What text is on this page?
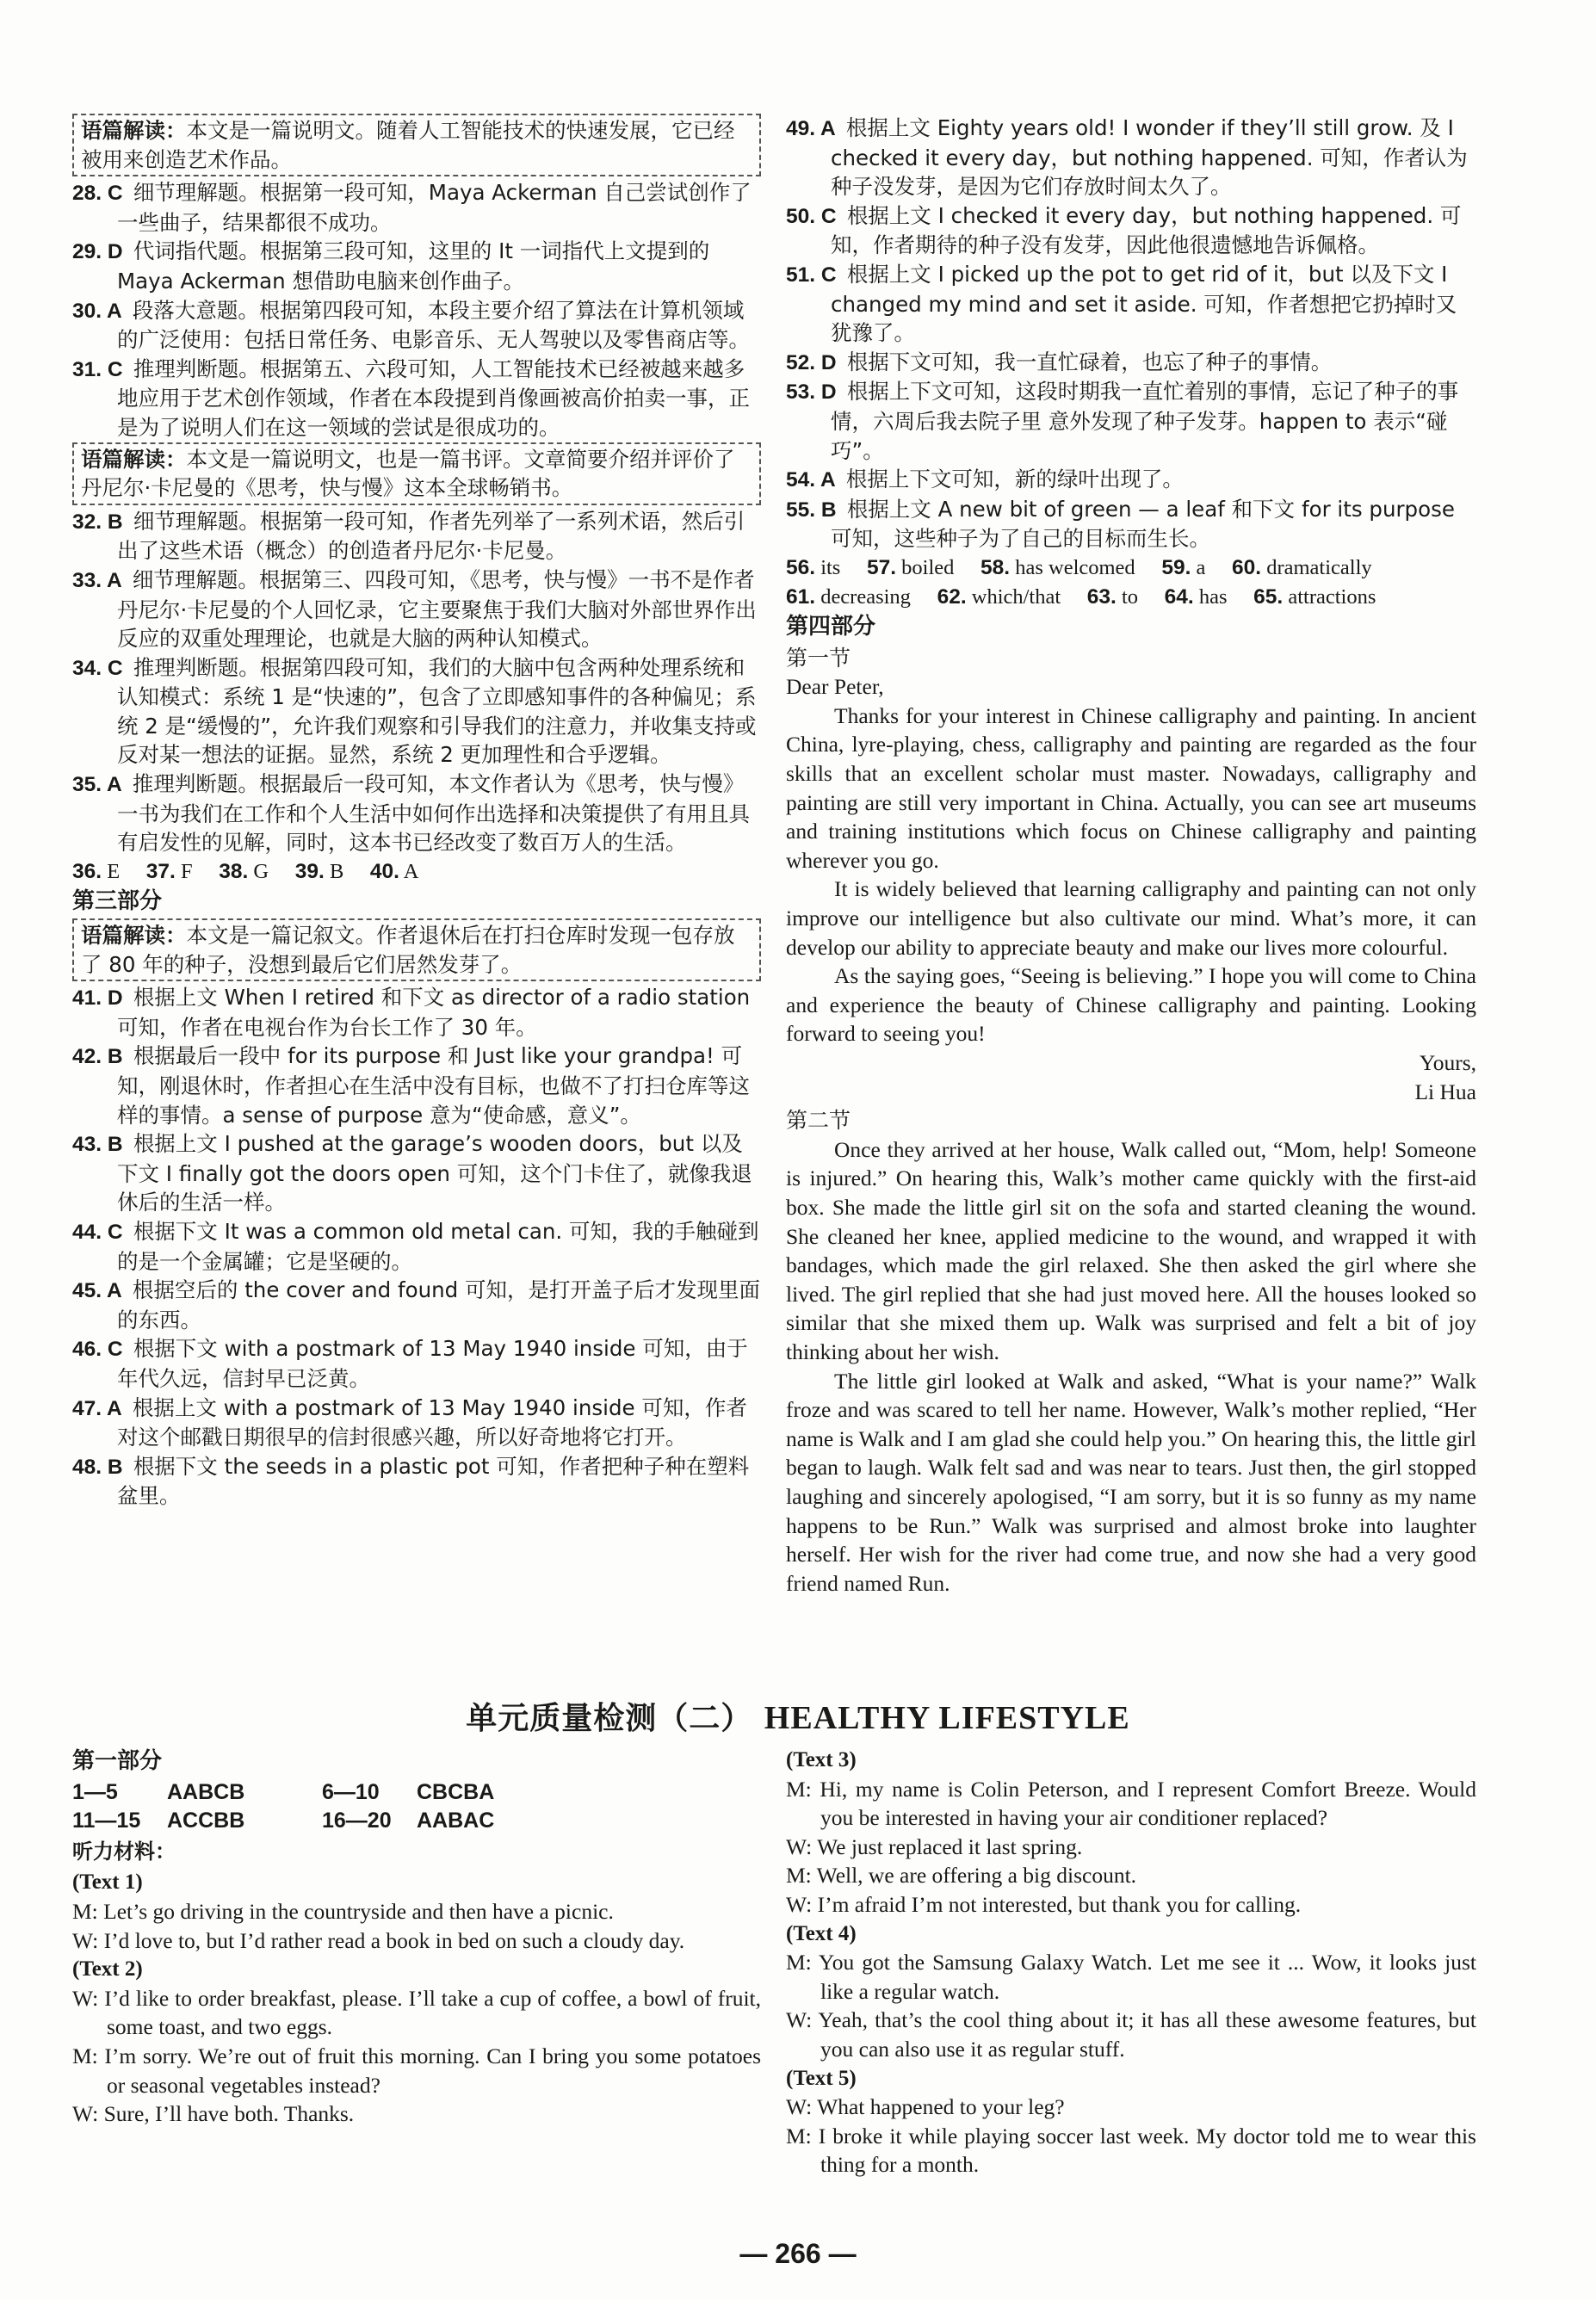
语篇解读：本文是一篇说明文。随着人工智能技术的快速发展，它已经被用来创造艺术作品。

28. C  细节理解题。根据第一段可知，Maya Ackerman 自己尝试创作了一些曲子，结果都很不成功。

29. D  代词指代题。根据第三段可知，这里的 It 一词指代上文提到的 Maya Ackerman 想借助电脑来创作曲子。

30. A  段落大意题。根据第四段可知，本段主要介绍了算法在计算机领域的广泛使用：包括日常任务、电影音乐、无人驾驶以及零售商店等。

31. C  推理判断题。根据第五、六段可知，人工智能技术已经被越来越多地应用于艺术创作领域，作者在本段提到肖像画被高价拍卖一事，正是为了说明人们在这一领域的尝试是很成功的。

语篇解读：本文是一篇说明文，也是一篇书评。文章简要介绍并评价了丹尼尔·卡尼曼的《思考，快与慢》这本全球畅销书。

32. B  细节理解题。根据第一段可知，作者先列举了一系列术语，然后引出了这些术语（概念）的创造者丹尼尔·卡尼曼。

33. A  细节理解题。根据第三、四段可知，《思考，快与慢》一书不是作者丹尼尔·卡尼曼的个人回忆录，它主要聚焦于我们大脑对外部世界作出反应的双重处理理论，也就是大脑的两种认知模式。

34. C  推理判断题。根据第四段可知，我们的大脑中包含两种处理系统和认知模式：系统 1 是“快速的”，包含了立即感知事件的各种偏见；系统 2 是“缓慢的”，允许我们观察和引导我们的注意力，并收集支持或反对某一想法的证据。显然，系统 2 更加理性和合乎逻辑。

35. A  推理判断题。根据最后一段可知，本文作者认为《思考，快与慢》一书为我们在工作和个人生活中如何作出选择和决策提供了有用且具有启发性的见解，同时，这本书已经改变了数百万人的生活。

36. E  37. F  38. G  39. B  40. A 

第三部分

语篇解读：本文是一篇记叙文。作者退休后在打扫仓库时发现一包存放了 80 年的种子，没想到最后它们居然发芽了。

41. D  根据上文 When I retired 和下文 as director of a radio station 可知，作者在电视台作为台长工作了 30 年。

42. B  根据最后一段中 for its purpose 和 Just like your grandpa! 可知，刚退休时，作者担心在生活中没有目标，也做不了打扫仓库等这样的事情。a sense of purpose 意为“使命感，意义”。

43. B  根据上文 I pushed at the garage’s wooden doors，but 以及下文 I finally got the doors open 可知，这个门卡住了，就像我退休后的生活一样。

44. C  根据下文 It was a common old metal can. 可知，我的手触碰到的是一个金属罐；它是坚硬的。

45. A  根据空后的 the cover and found 可知，是打开盖子后才发现里面的东西。

46. C  根据下文 with a postmark of 13 May 1940 inside 可知，由于年代久远，信封早已泛黄。

47. A  根据上文 with a postmark of 13 May 1940 inside 可知，作者对这个邮戳日期很早的信封很感兴趣，所以好奇地将它打开。

48. B  根据下文 the seeds in a plastic pot 可知，作者把种子种在塑料盆里。

49. A  根据上文 Eighty years old! I wonder if they’ll still grow. 及 I checked it every day，but nothing happened. 可知，作者认为种子没发芽，是因为它们存放时间太久了。

50. C  根据上文 I checked it every day，but nothing happened. 可知，作者期待的种子没有发芽，因此他很遗憾地告诉佩格。

51. C  根据上文 I picked up the pot to get rid of it，but 以及下文 I changed my mind and set it aside. 可知，作者想把它扔掉时又犹豫了。

52. D  根据下文可知，我一直忙碌着，也忘了种子的事情。

53. D  根据上下文可知，这段时期我一直忙着别的事情，忘记了种子的事情，六周后我去院子里 意外发现了种子发芽。happen to 表示“碰巧”。

54. A  根据上下文可知，新的绿叶出现了。

55. B  根据上文 A new bit of green — a leaf 和下文 for its purpose 可知，这些种子为了自己的目标而生长。

56. its  57. boiled  58. has welcomed  59. a  60. dramatically 

61. decreasing  62. which/that  63. to  64. has  65. attractions 

第四部分

第一节

Dear Peter,

Thanks for your interest in Chinese calligraphy and painting. In ancient China, lyre-playing, chess, calligraphy and painting are regarded as the four skills that an excellent scholar must master. Nowadays, calligraphy and painting are still very important in China. Actually, you can see art museums and training institutions which focus on Chinese calligraphy and painting wherever you go.

It is widely believed that learning calligraphy and painting can not only improve our intelligence but also cultivate our mind. What’s more, it can develop our ability to appreciate beauty and make our lives more colourful.

As the saying goes, “Seeing is believing.” I hope you will come to China and experience the beauty of Chinese calligraphy and painting. Looking forward to seeing you!

Yours,

Li Hua

第二节

Once they arrived at her house, Walk called out, “Mom, help! Someone is injured.” On hearing this, Walk’s mother came quickly with the first-aid box. She made the little girl sit on the sofa and started cleaning the wound. She cleaned her knee, applied medicine to the wound, and wrapped it with bandages, which made the girl relaxed. She then asked the girl where she lived. The girl replied that she had just moved here. All the houses looked so similar that she mixed them up. Walk was surprised and felt a bit of joy thinking about her wish.

The little girl looked at Walk and asked, “What is your name?” Walk froze and was scared to tell her name. However, Walk’s mother replied, “Her name is Walk and I am glad she could help you.” On hearing this, the little girl began to laugh. Walk felt sad and was near to tears. Just then, the girl stopped laughing and sincerely apologised, “I am sorry, but it is so funny as my name happens to be Run.” Walk was surprised and almost broke into laughter herself. Her wish for the river had come true, and now she had a very good friend named Run.

单元质量检测（二） HEALTHY LIFESTYLE

第一部分

1—5 AABCB	6—10 CBCBA

11—15 ACCBB	16—20 AABAC

听力材料：

(Text 1)

M: Let’s go driving in the countryside and then have a picnic.

W: I’d love to, but I’d rather read a book in bed on such a cloudy day.

(Text 2)

W: I’d like to order breakfast, please. I’ll take a cup of coffee, a bowl of fruit, some toast, and two eggs.

M: I’m sorry. We’re out of fruit this morning. Can I bring you some potatoes or seasonal vegetables instead?

W: Sure, I’ll have both. Thanks.

(Text 3)

M: Hi, my name is Colin Peterson, and I represent Comfort Breeze. Would you be interested in having your air conditioner replaced?

W: We just replaced it last spring.

M: Well, we are offering a big discount.

W: I’m afraid I’m not interested, but thank you for calling.

(Text 4)

M: You got the Samsung Galaxy Watch. Let me see it ... Wow, it looks just like a regular watch.

W: Yeah, that’s the cool thing about it; it has all these awesome features, but you can also use it as regular stuff.

(Text 5)

W: What happened to your leg?

M: I broke it while playing soccer last week. My doctor told me to wear this thing for a month.

— 266 —
